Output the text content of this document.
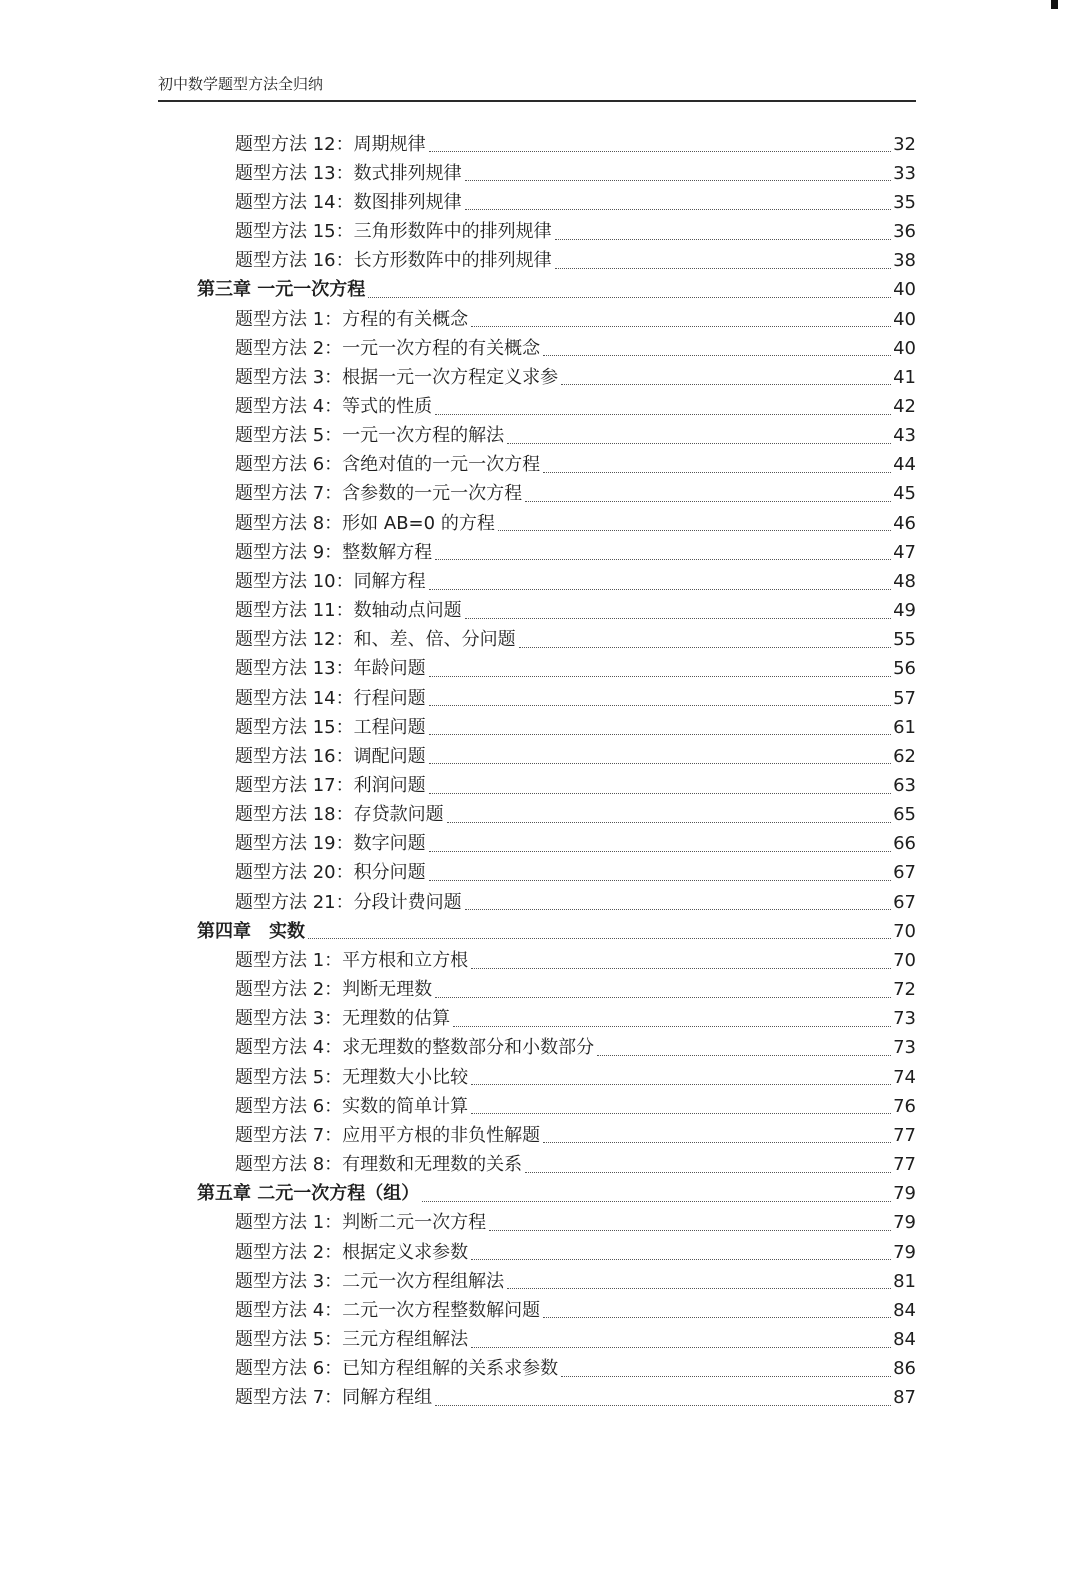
初中数学题型方法全归纳
题型方法 12：周期规律	32
题型方法 13：数式排列规律	33
题型方法 14：数图排列规律	35
题型方法 15：三角形数阵中的排列规律	36
题型方法 16：长方形数阵中的排列规律	38
第三章 一元一次方程	40
题型方法 1：方程的有关概念	40
题型方法 2：一元一次方程的有关概念	40
题型方法 3：根据一元一次方程定义求参	41
题型方法 4：等式的性质	42
题型方法 5：一元一次方程的解法	43
题型方法 6：含绝对值的一元一次方程	44
题型方法 7：含参数的一元一次方程	45
题型方法 8：形如 AB=0 的方程	46
题型方法 9：整数解方程	47
题型方法 10：同解方程	48
题型方法 11：数轴动点问题	49
题型方法 12：和、差、倍、分问题	55
题型方法 13：年龄问题	56
题型方法 14：行程问题	57
题型方法 15：工程问题	61
题型方法 16：调配问题	62
题型方法 17：利润问题	63
题型方法 18：存贷款问题	65
题型方法 19：数字问题	66
题型方法 20：积分问题	67
题型方法 21：分段计费问题	67
第四章　实数	70
题型方法 1：平方根和立方根	70
题型方法 2：判断无理数	72
题型方法 3：无理数的估算	73
题型方法 4：求无理数的整数部分和小数部分	73
题型方法 5：无理数大小比较	74
题型方法 6：实数的简单计算	76
题型方法 7：应用平方根的非负性解题	77
题型方法 8：有理数和无理数的关系	77
第五章 二元一次方程（组）	79
题型方法 1：判断二元一次方程	79
题型方法 2：根据定义求参数	79
题型方法 3：二元一次方程组解法	81
题型方法 4：二元一次方程整数解问题	84
题型方法 5：三元方程组解法	84
题型方法 6：已知方程组解的关系求参数	86
题型方法 7：同解方程组	87
